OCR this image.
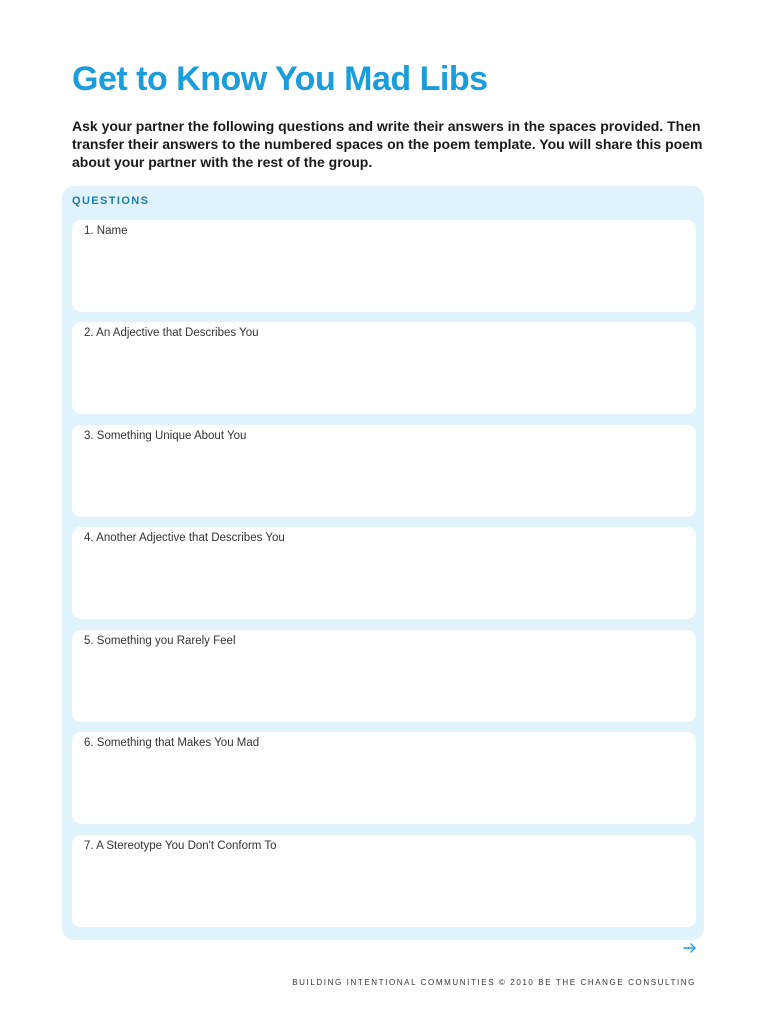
Get to Know You Mad Libs

Ask your partner the following questions and write their answers in the spaces provided. Then transfer their answers to the numbered spaces on the poem template. You will share this poem about your partner with the rest of the group.

QUESTIONS
1. Name
2. An Adjective that Describes You
3. Something Unique About You
4. Another Adjective that Describes You
5. Something you Rarely Feel
6. Something that Makes You Mad
7. A Stereotype You Don't Conform To
BUILDING INTENTIONAL COMMUNITIES © 2010 BE THE CHANGE CONSULTING
